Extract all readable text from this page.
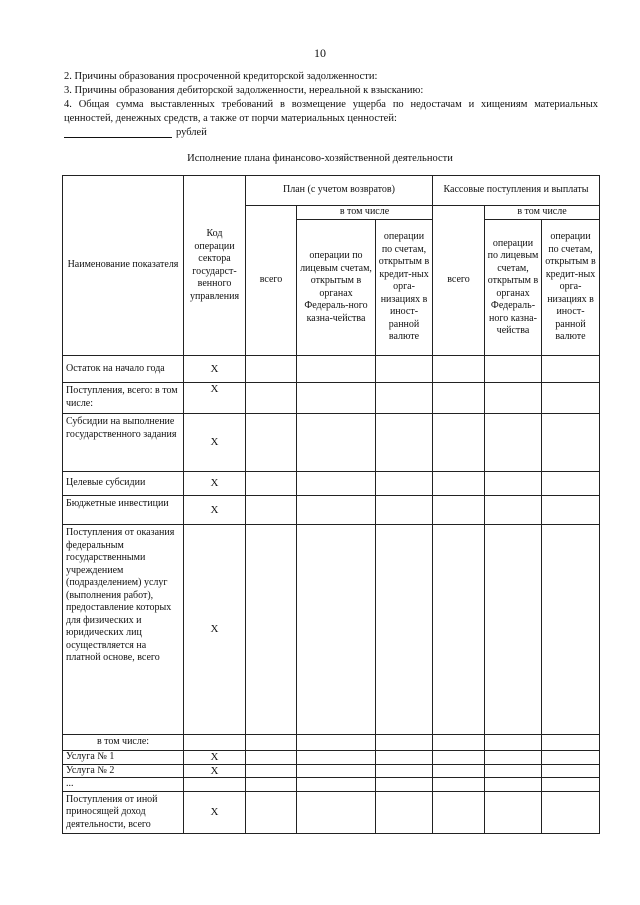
10
2. Причины образования просроченной кредиторской задолженности:
3. Причины образования дебиторской задолженности, нереальной к взысканию:
4. Общая сумма выставленных требований в возмещение ущерба по недостачам и хищениям материальных ценностей, денежных средств, а также от порчи материальных ценностей:
рублей
Исполнение плана финансово-хозяйственной деятельности
Наименование показателя	Код операции сектора государст-венного управления	План (с учетом возвратов)			Кассовые поступления и выплаты		
		всего	в том числе		всего	в том числе	
			операции по лицевым счетам, открытым в органах Федераль-ного казна-чейства	операции по счетам, открытым в кредит-ных орга-низациях в иност-ранной валюте		операции по лицевым счетам, открытым в органах Федераль-ного казна-чейства	операции по счетам, открытым в кредит-ных орга-низациях в иност-ранной валюте
Остаток на начало года	X						
Поступления, всего: в том числе:	X						
Субсидии на выполнение государственного задания	X						
Целевые субсидии	X						
Бюджетные инвестиции	X						
Поступления от оказания федеральным государственными учреждением (подразделением) услуг (выполнения работ), предоставление которых для физических и юридических лиц осуществляется на платной основе, всего	X						
в том числе:							
Услуга № 1	X						
Услуга № 2	X						
...							
Поступления от иной приносящей доход деятельности, всего	X						
